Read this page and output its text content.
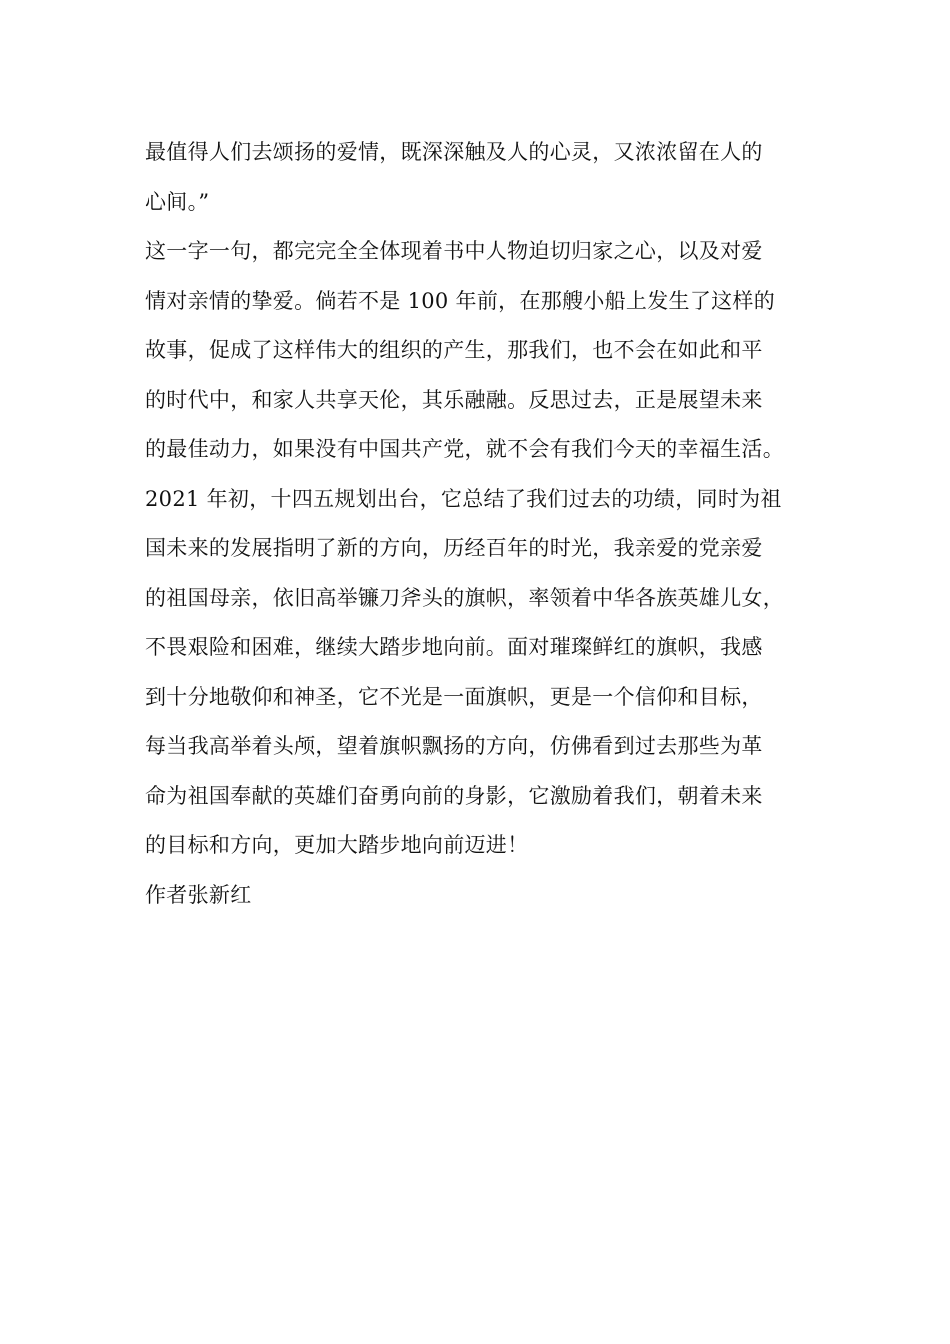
最值得人们去颂扬的爱情，既深深触及人的心灵，又浓浓留在人的
心间。”
这一字一句，都完完全全体现着书中人物迫切归家之心，以及对爱
情对亲情的挚爱。倘若不是 100 年前，在那艘小船上发生了这样的
故事，促成了这样伟大的组织的产生，那我们，也不会在如此和平
的时代中，和家人共享天伦，其乐融融。反思过去，正是展望未来
的最佳动力，如果没有中国共产党，就不会有我们今天的幸福生活。
2021 年初，十四五规划出台，它总结了我们过去的功绩，同时为祖
国未来的发展指明了新的方向，历经百年的时光，我亲爱的党亲爱
的祖国母亲，依旧高举镰刀斧头的旗帜，率领着中华各族英雄儿女，
不畏艰险和困难，继续大踏步地向前。面对璀璨鲜红的旗帜，我感
到十分地敬仰和神圣，它不光是一面旗帜，更是一个信仰和目标，
每当我高举着头颅，望着旗帜飘扬的方向，仿佛看到过去那些为革
命为祖国奉献的英雄们奋勇向前的身影，它激励着我们，朝着未来
的目标和方向，更加大踏步地向前迈进！
作者张新红
